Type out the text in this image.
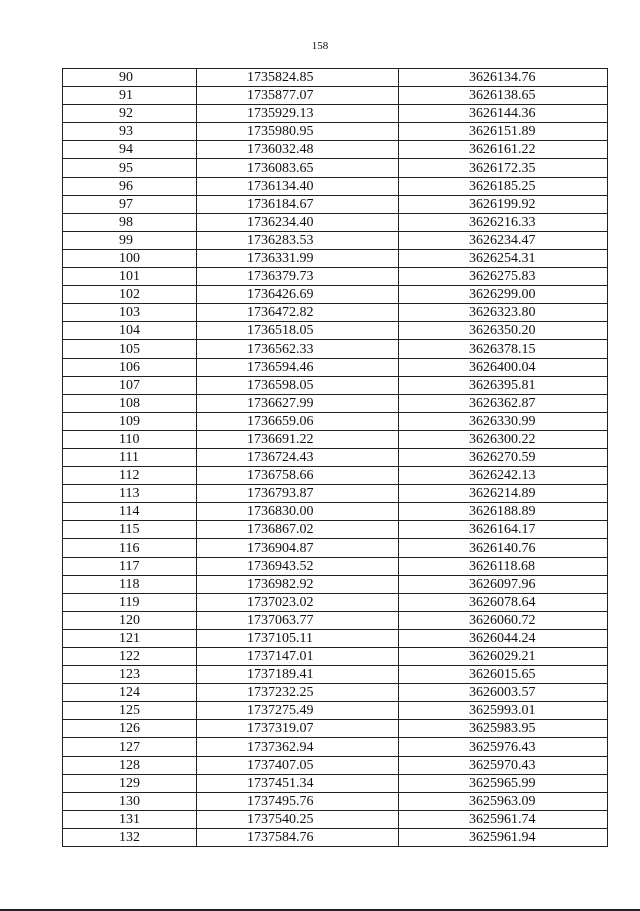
158
90	1735824.85	3626134.76
91	1735877.07	3626138.65
92	1735929.13	3626144.36
93	1735980.95	3626151.89
94	1736032.48	3626161.22
95	1736083.65	3626172.35
96	1736134.40	3626185.25
97	1736184.67	3626199.92
98	1736234.40	3626216.33
99	1736283.53	3626234.47
100	1736331.99	3626254.31
101	1736379.73	3626275.83
102	1736426.69	3626299.00
103	1736472.82	3626323.80
104	1736518.05	3626350.20
105	1736562.33	3626378.15
106	1736594.46	3626400.04
107	1736598.05	3626395.81
108	1736627.99	3626362.87
109	1736659.06	3626330.99
110	1736691.22	3626300.22
111	1736724.43	3626270.59
112	1736758.66	3626242.13
113	1736793.87	3626214.89
114	1736830.00	3626188.89
115	1736867.02	3626164.17
116	1736904.87	3626140.76
117	1736943.52	3626118.68
118	1736982.92	3626097.96
119	1737023.02	3626078.64
120	1737063.77	3626060.72
121	1737105.11	3626044.24
122	1737147.01	3626029.21
123	1737189.41	3626015.65
124	1737232.25	3626003.57
125	1737275.49	3625993.01
126	1737319.07	3625983.95
127	1737362.94	3625976.43
128	1737407.05	3625970.43
129	1737451.34	3625965.99
130	1737495.76	3625963.09
131	1737540.25	3625961.74
132	1737584.76	3625961.94
